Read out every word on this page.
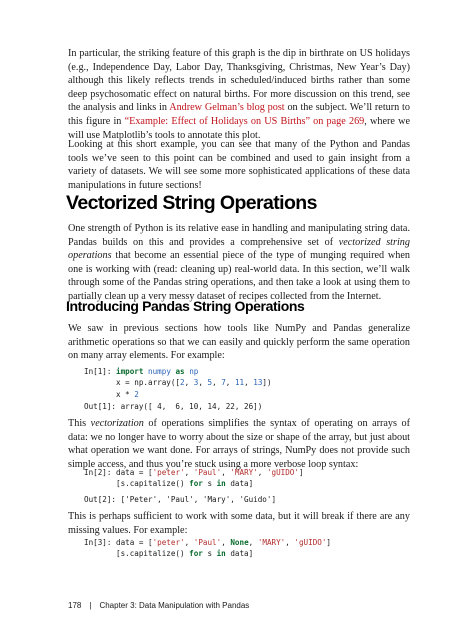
In particular, the striking feature of this graph is the dip in birthrate on US holidays (e.g., Independence Day, Labor Day, Thanksgiving, Christmas, New Year’s Day) although this likely reflects trends in scheduled/induced births rather than some deep psychosomatic effect on natural births. For more discussion on this trend, see the analysis and links in Andrew Gelman’s blog post on the subject. We’ll return to this figure in “Example: Effect of Holidays on US Births” on page 269, where we will use Matplotlib’s tools to annotate this plot.

Looking at this short example, you can see that many of the Python and Pandas tools we’ve seen to this point can be combined and used to gain insight from a variety of datasets. We will see some more sophisticated applications of these data manipulations in future sections!

Vectorized String Operations

One strength of Python is its relative ease in handling and manipulating string data. Pandas builds on this and provides a comprehensive set of vectorized string operations that become an essential piece of the type of munging required when one is working with (read: cleaning up) real-world data. In this section, we’ll walk through some of the Pandas string operations, and then take a look at using them to partially clean up a very messy dataset of recipes collected from the Internet.

Introducing Pandas String Operations

We saw in previous sections how tools like NumPy and Pandas generalize arithmetic operations so that we can easily and quickly perform the same operation on many array elements. For example:

In[1]: import numpy as np
x = np.array([2, 3, 5, 7, 11, 13])
x * 2
Out[1]: array([ 4,  6, 10, 14, 22, 26])

This vectorization of operations simplifies the syntax of operating on arrays of data: we no longer have to worry about the size or shape of the array, but just about what operation we want done. For arrays of strings, NumPy does not provide such simple access, and thus you’re stuck using a more verbose loop syntax:

In[2]: data = ['peter', 'Paul', 'MARY', 'gUIDO']
[s.capitalize() for s in data]
Out[2]: ['Peter', 'Paul', 'Mary', 'Guido']

This is perhaps sufficient to work with some data, but it will break if there are any missing values. For example:

In[3]: data = ['peter', 'Paul', None, 'MARY', 'gUIDO']
[s.capitalize() for s in data]
178 | Chapter 3: Data Manipulation with Pandas
